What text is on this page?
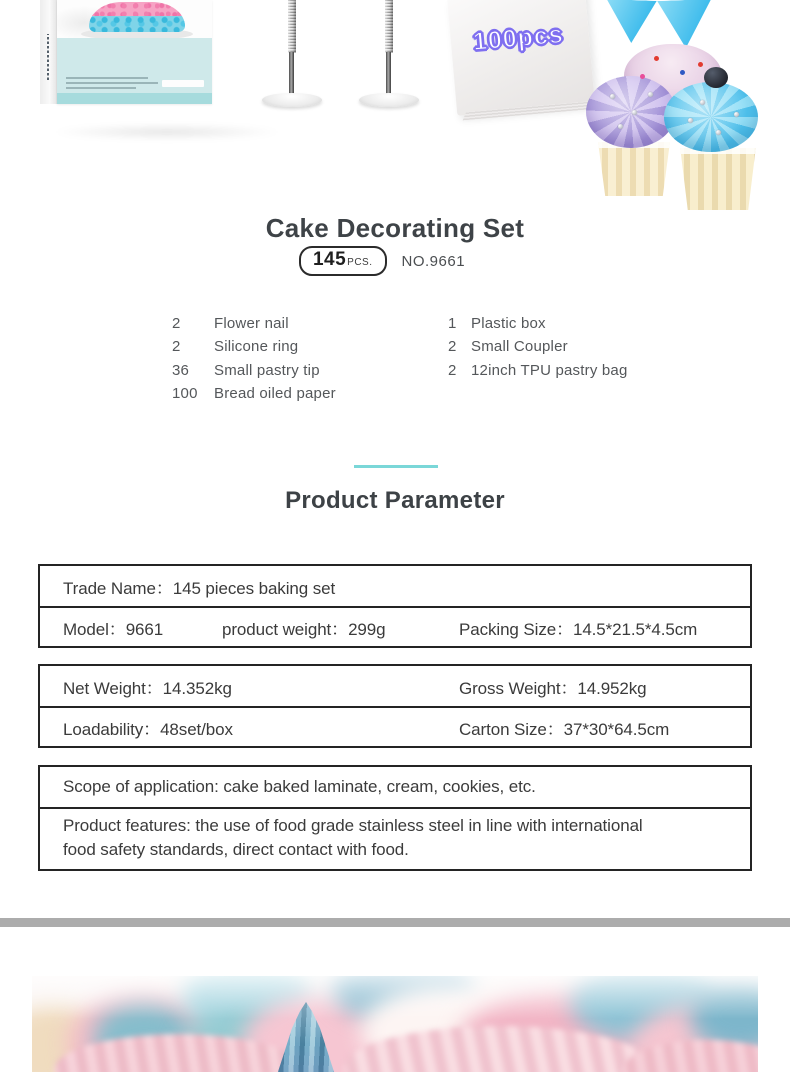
100pcs
Cake Decorating Set
145 PCS. NO.9661
2	Flower nail
2	Silicone ring
36	Small pastry tip
100	Bread oiled paper
1 Plastic box
2 Small Coupler
2 12inch TPU pastry bag
Product Parameter
Trade Name：145 pieces baking set
Model：9661	product weight：299g	Packing Size：14.5*21.5*4.5cm
Net Weight：14.352kg	Gross Weight：14.952kg
Loadability：48set/box	Carton Size：37*30*64.5cm
Scope of application: cake baked laminate, cream, cookies, etc.
Product features: the use of food grade stainless steel in line with international food safety standards, direct contact with food.
